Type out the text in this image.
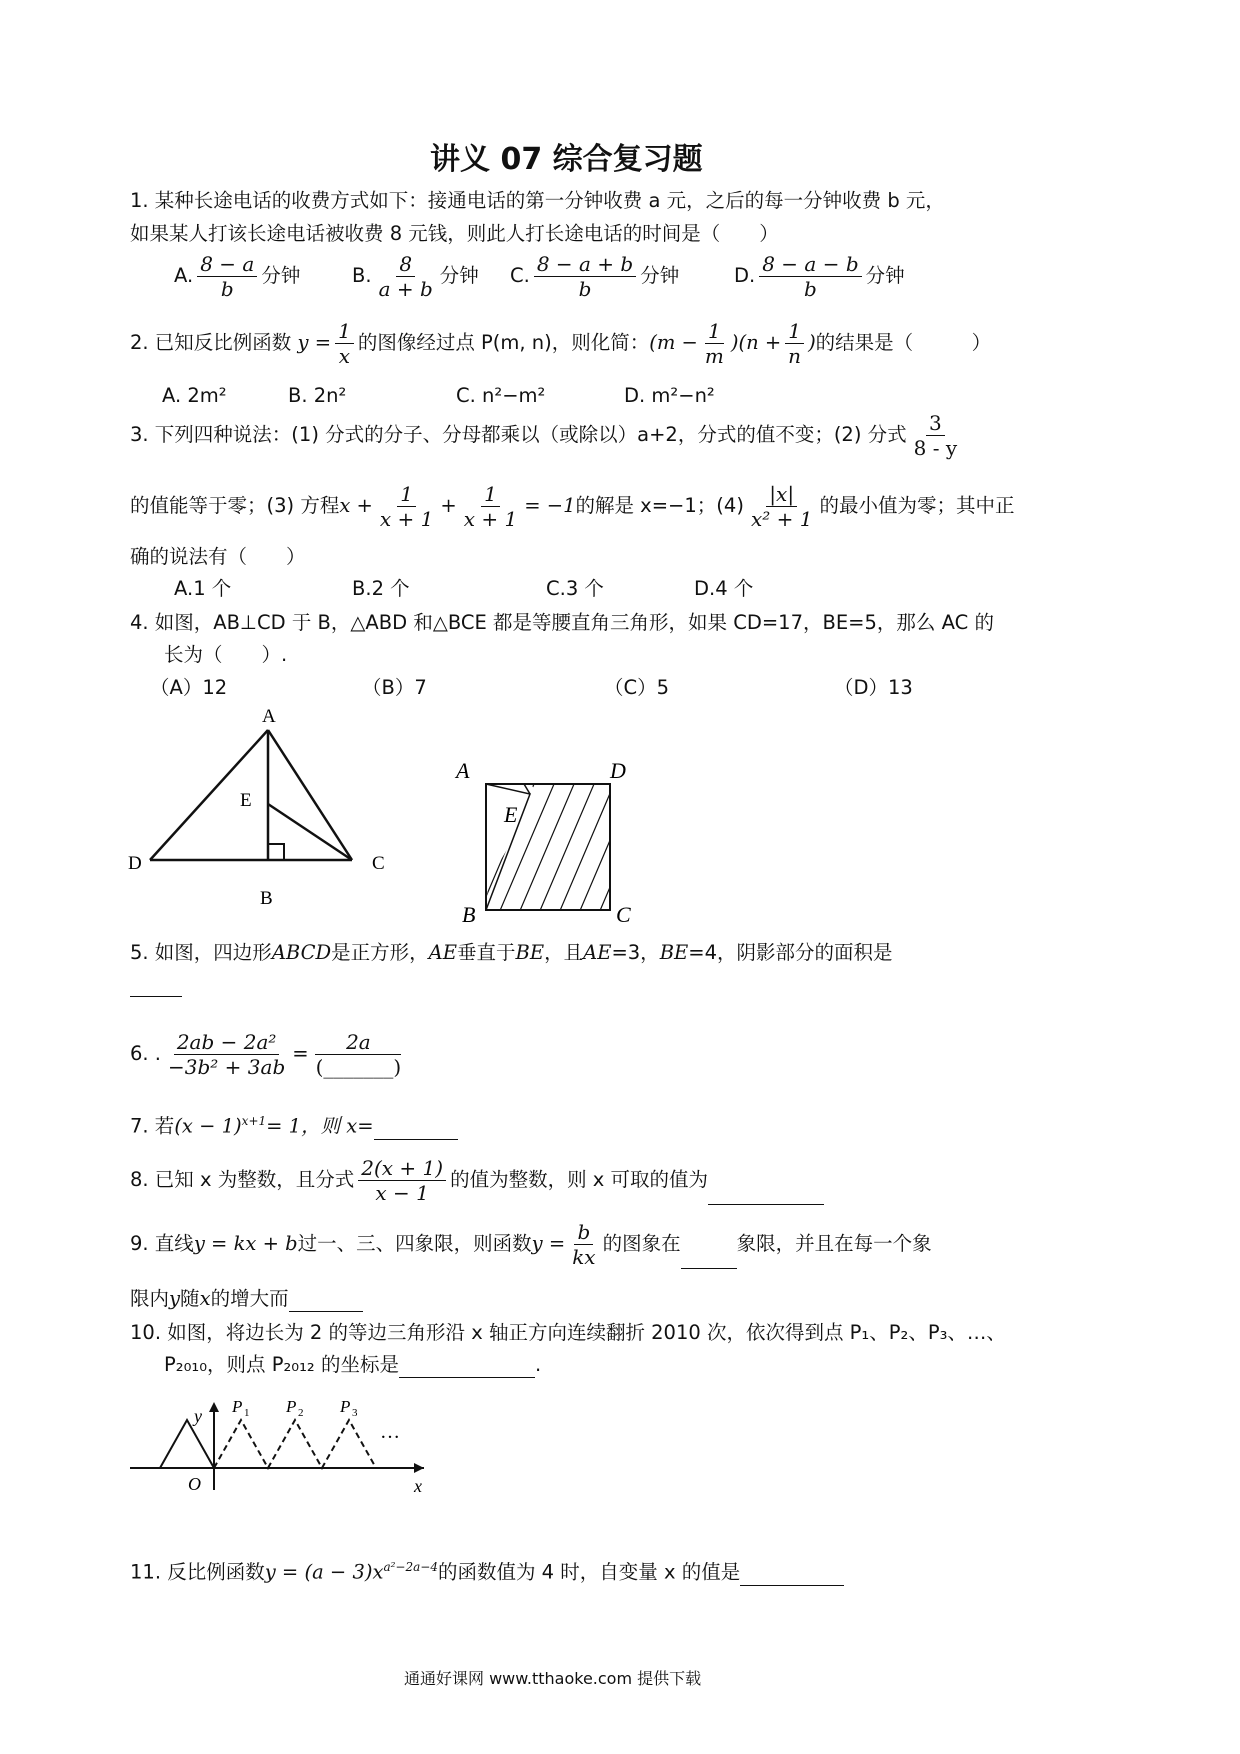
讲义 07 综合复习题
1. 某种长途电话的收费方式如下：接通电话的第一分钟收费 a 元，之后的每一分钟收费 b 元，
如果某人打该长途电话被收费 8 元钱，则此人打长途电话的时间是（　　）
A. $\frac{8 - a}{b}$ 分钟	B. $\frac{8}{a + b}$ 分钟 C. $\frac{8 - a + b}{b}$ 分钟	D. $\frac{8 - a - b}{b}$ 分钟
2. 已知反比例函数 $y = \frac{1}{x}$ 的图像经过点 P(m, n)，则化简：$(m - \frac{1}{m} )(n + \frac{1}{n}$ )的结果是（　　　）
A. 2m²	B. 2n²	C. n²−m²	D. m²−n²
3. 下列四种说法：(1) 分式的分子、分母都乘以（或除以）a+2，分式的值不变；(2) 分式 $\frac{3}{8 - y}$
的值能等于零；(3) 方程$x + \frac{1}{x + 1} + \frac{1}{x + 1} = -1$的解是 x=−1；$(4) \frac{|x|}{\text{x² + 1}}$ 的最小值为零；其中正
确的说法有（　　）
A.1 个	B.2 个	C.3 个	D.4 个
4. 如图，AB⊥CD 于 B，△ABD 和△BCE 都是等腰直角三角形，如果 CD=17，BE=5，那么 AC 的
长为（　　）.
（A）12	（B）7	（C）5	（D）13
A
E
D	C
B
A	D
E
B	C
5. 如图，四边形ABCD是正方形，AE垂直于BE，且AE=3，BE=4，阴影部分的面积是
6. . $\frac{\text{2ab − 2a²}}{\text{−3b² + 3ab}} = \frac{2a}{(\_\_\_\_\_\_\_)}$
7. 若$(x - 1)^{x+1}= 1$，则 x=
8. 已知 x 为整数，且分式 $\frac{2(x + 1)}{x - 1}$ 的值为整数，则 x 可取的值为
9. 直线y = kx + b过一、三、四象限，则函数$y = \frac{b}{kx}$ 的图象在	象限，并且在每一个象
限内y随x的增大而
10. 如图，将边长为 2 的等边三角形沿 x 轴正方向连续翻折 2010 次，依次得到点 P₁、P₂、P₃、…、
P₂₀₁₀，则点 P₂₀₁₂ 的坐标是	.
y
O	x
P 1 P 2 P 3
…
11. 反比例函数$y = (a - 3)x^{a^2-2a-4}$的函数值为 4 时，自变量 x 的值是
通通好课网 www.tthaoke.com 提供下载
